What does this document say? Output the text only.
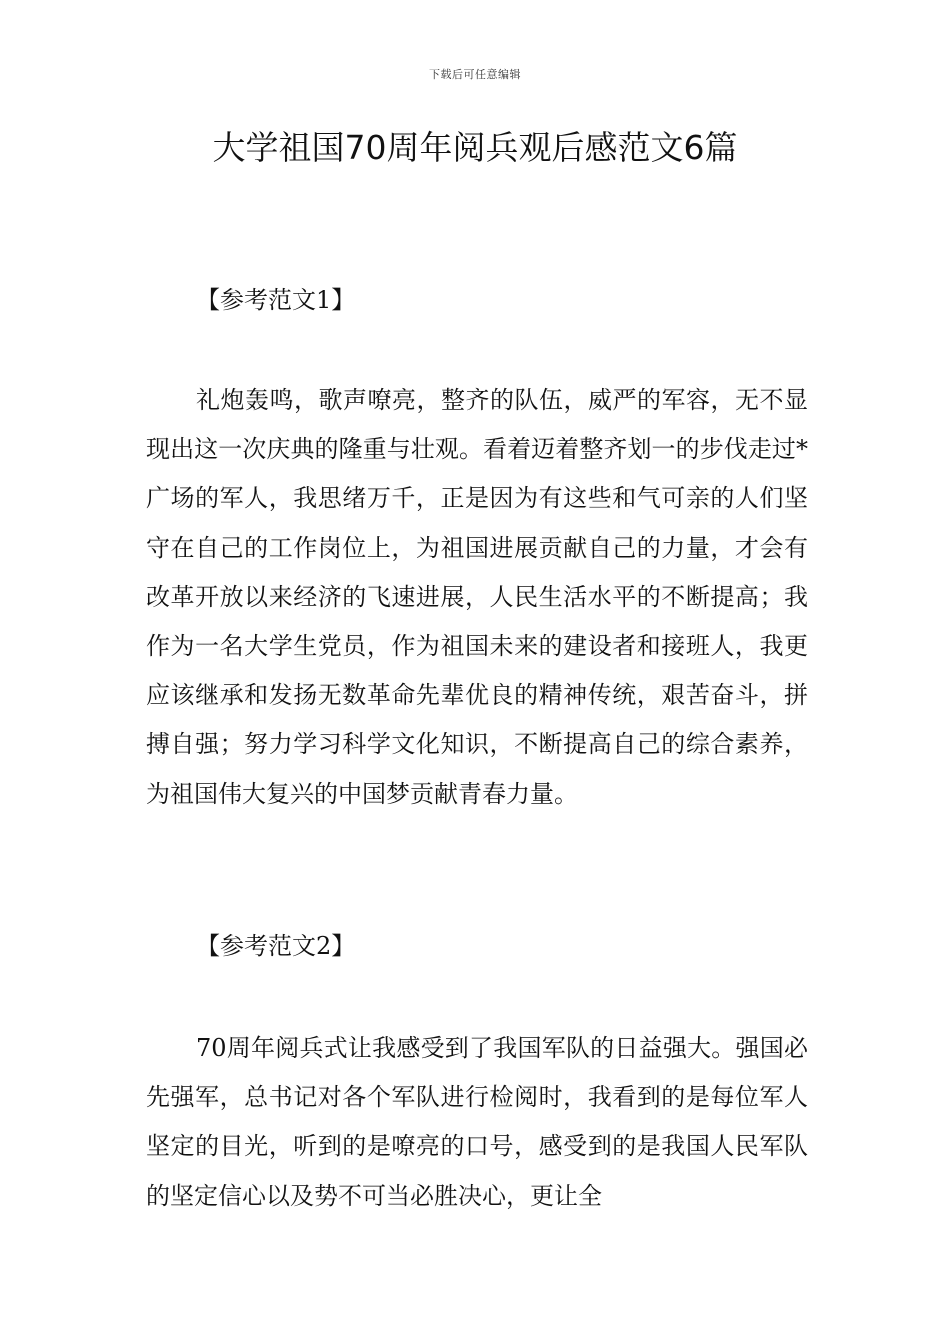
下载后可任意编辑
大学祖国70周年阅兵观后感范文6篇
【参考范文1】

礼炮轰鸣，歌声嘹亮，整齐的队伍，威严的军容，无不显现出这一次庆典的隆重与壮观。看着迈着整齐划一的步伐走过*广场的军人，我思绪万千，正是因为有这些和气可亲的人们坚守在自己的工作岗位上，为祖国进展贡献自己的力量，才会有改革开放以来经济的飞速进展，人民生活水平的不断提高；我作为一名大学生党员，作为祖国未来的建设者和接班人，我更应该继承和发扬无数革命先辈优良的精神传统，艰苦奋斗，拼搏自强；努力学习科学文化知识，不断提高自己的综合素养，为祖国伟大复兴的中国梦贡献青春力量。

【参考范文2】

70周年阅兵式让我感受到了我国军队的日益强大。强国必先强军，总书记对各个军队进行检阅时，我看到的是每位军人坚定的目光，听到的是嘹亮的口号，感受到的是我国人民军队的坚定信心以及势不可当必胜决心，更让全
